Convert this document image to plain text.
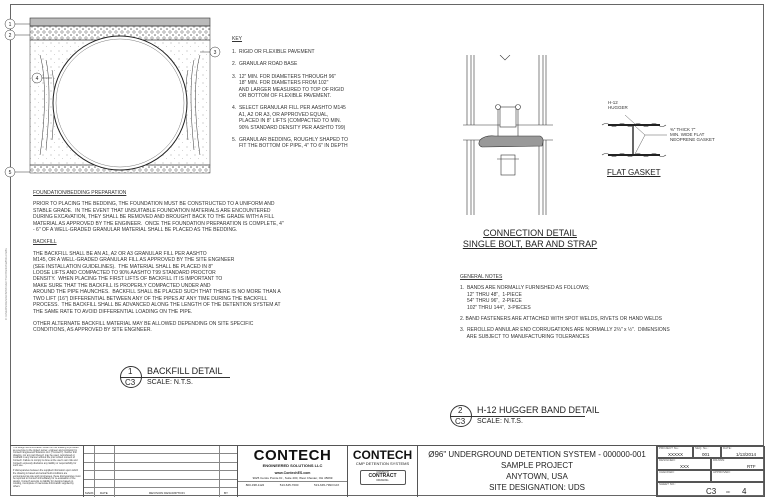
C:\USERS\DESIGN\PROJECT\UDS\DRAWING.DWG
1
2
3
4
5
KEY
1.  RIGID OR FLEXIBLE PAVEMENT
2.  GRANULAR ROAD BASE
3.  12" MIN. FOR DIAMETERS THROUGH 96"
18" MIN. FOR DIAMETERS FROM 102"
AND LARGER MEASURED TO TOP OF RIGID
OR BOTTOM OF FLEXIBLE PAVEMENT.
4.  SELECT GRANULAR FILL PER AASHTO M145
A1, A2 OR A3, OR APPROVED EQUAL,
PLACED IN 8" LIFTS (COMPACTED TO MIN.
90% STANDARD DENSITY PER AASHTO T99)
5.  GRANULAR BEDDING, ROUGHLY SHAPED TO
FIT THE BOTTOM OF PIPE, 4" TO 6" IN DEPTH
FOUNDATION/BEDDING PREPARATION
PRIOR TO PLACING THE BEDDING, THE FOUNDATION MUST BE CONSTRUCTED TO A UNIFORM AND
STABLE GRADE.  IN THE EVENT THAT UNSUITABLE FOUNDATION MATERIALS ARE ENCOUNTERED
DURING EXCAVATION, THEY SHALL BE REMOVED AND BROUGHT BACK TO THE GRADE WITH A FILL
MATERIAL AS APPROVED BY THE ENGINEER.  ONCE THE FOUNDATION PREPARATION IS COMPLETE, 4"
- 6" OF A WELL-GRADED GRANULAR MATERIAL SHALL BE PLACED AS THE BEDDING.
BACKFILL
THE BACKFILL SHALL BE AN A1, A2 OR A3 GRANULAR FILL PER AASHTO
M145, OR A WELL-GRADED GRANULAR FILL AS APPROVED BY THE SITE ENGINEER
(SEE INSTALLATION GUIDELINES).  THE MATERIAL SHALL BE PLACED IN 8"
LOOSE LIFTS AND COMPACTED TO 90% AASHTO T99 STANDARD PROCTOR
DENSITY.  WHEN PLACING THE FIRST LIFTS OF BACKFILL IT IS IMPORTANT TO
MAKE SURE THAT THE BACKFILL IS PROPERLY COMPACTED UNDER AND
AROUND THE PIPE HAUNCHES.  BACKFILL SHALL BE PLACED SUCH THAT THERE IS NO MORE THAN A
TWO LIFT (16") DIFFERENTIAL BETWEEN ANY OF THE PIPES AT ANY TIME DURING THE BACKFILL
PROCESS.  THE BACKFILL SHALL BE ADVANCED ALONG THE LENGTH OF THE DETENTION SYSTEM AT
THE SAME RATE TO AVOID DIFFERENTIAL LOADING ON THE PIPE.
OTHER ALTERNATE BACKFILL MATERIAL MAY BE ALLOWED DEPENDING ON SITE SPECIFIC
CONDITIONS, AS APPROVED BY SITE ENGINEER.
1
C3
BACKFILL DETAIL
SCALE: N.T.S.
CONNECTION DETAIL
SINGLE BOLT, BAR AND STRAP
H-12
HUGGER
⅜" THICK 7"
MIN. WIDE FLAT
NEOPRENE GASKET
FLAT GASKET
GENERAL NOTES
1.  BANDS ARE NORMALLY FURNISHED AS FOLLOWS;
12" THRU 48",  1-PIECE
54" THRU 96",  2-PIECE
102" THRU 144",  3-PIECES
2. BAND FASTENERS ARE ATTACHED WITH SPOT WELDS, RIVETS OR HAND WELDS
3.  REROLLED ANNULAR END CORRUGATIONS ARE NORMALLY 2⅔" x ½".  DIMENSIONS
ARE SUBJECT TO MANUFACTURING TOLERANCES
2
C3
H-12 HUGGER BAND DETAIL
SCALE: N.T.S.
The design and information shown on this drawing is provided as a service to the project owner, engineer and contractor by Contech Engineered Solutions LLC ("Contech"). Neither this drawing, nor any part thereof, may be used, reproduced or modified in any manner without the prior written consent of Contech. Failure to comply is done at the user's own risk and Contech expressly disclaims any liability or responsibility for such use.

If discrepancies between the supplied information upon which the drawing is based and actual field conditions are encountered as site work progresses, these discrepancies must be reported to Contech immediately for re-evaluation of the design. Contech accepts no liability for designs based on missing, incomplete or inaccurate information supplied by others.
MARK DATE	REVISION DESCRIPTION	BY
CONTECH
ENGINEERED SOLUTIONS LLC
www.ContechES.com
9025 Centre Pointe Dr., Suite 400, West Chester, OH 45069
800-338-1122	513-645-7000	513-645-7993 FAX
CONTECH
CMP DETENTION SYSTEMS
CONTECH
CONTRACT
DRAWING
Ø96" UNDERGROUND DETENTION SYSTEM - 000000-001
SAMPLE PROJECT
ANYTOWN, USA
SITE DESIGNATION: UDS
PROJECT No.:
XXXXX
SEQ. No.:
001
DATE:
1/13/2014
DESIGNED:
XXX
DRAWN:
RTF
CHECKED:	APPROVED:
SHEET NO.:
C3	OF 4
